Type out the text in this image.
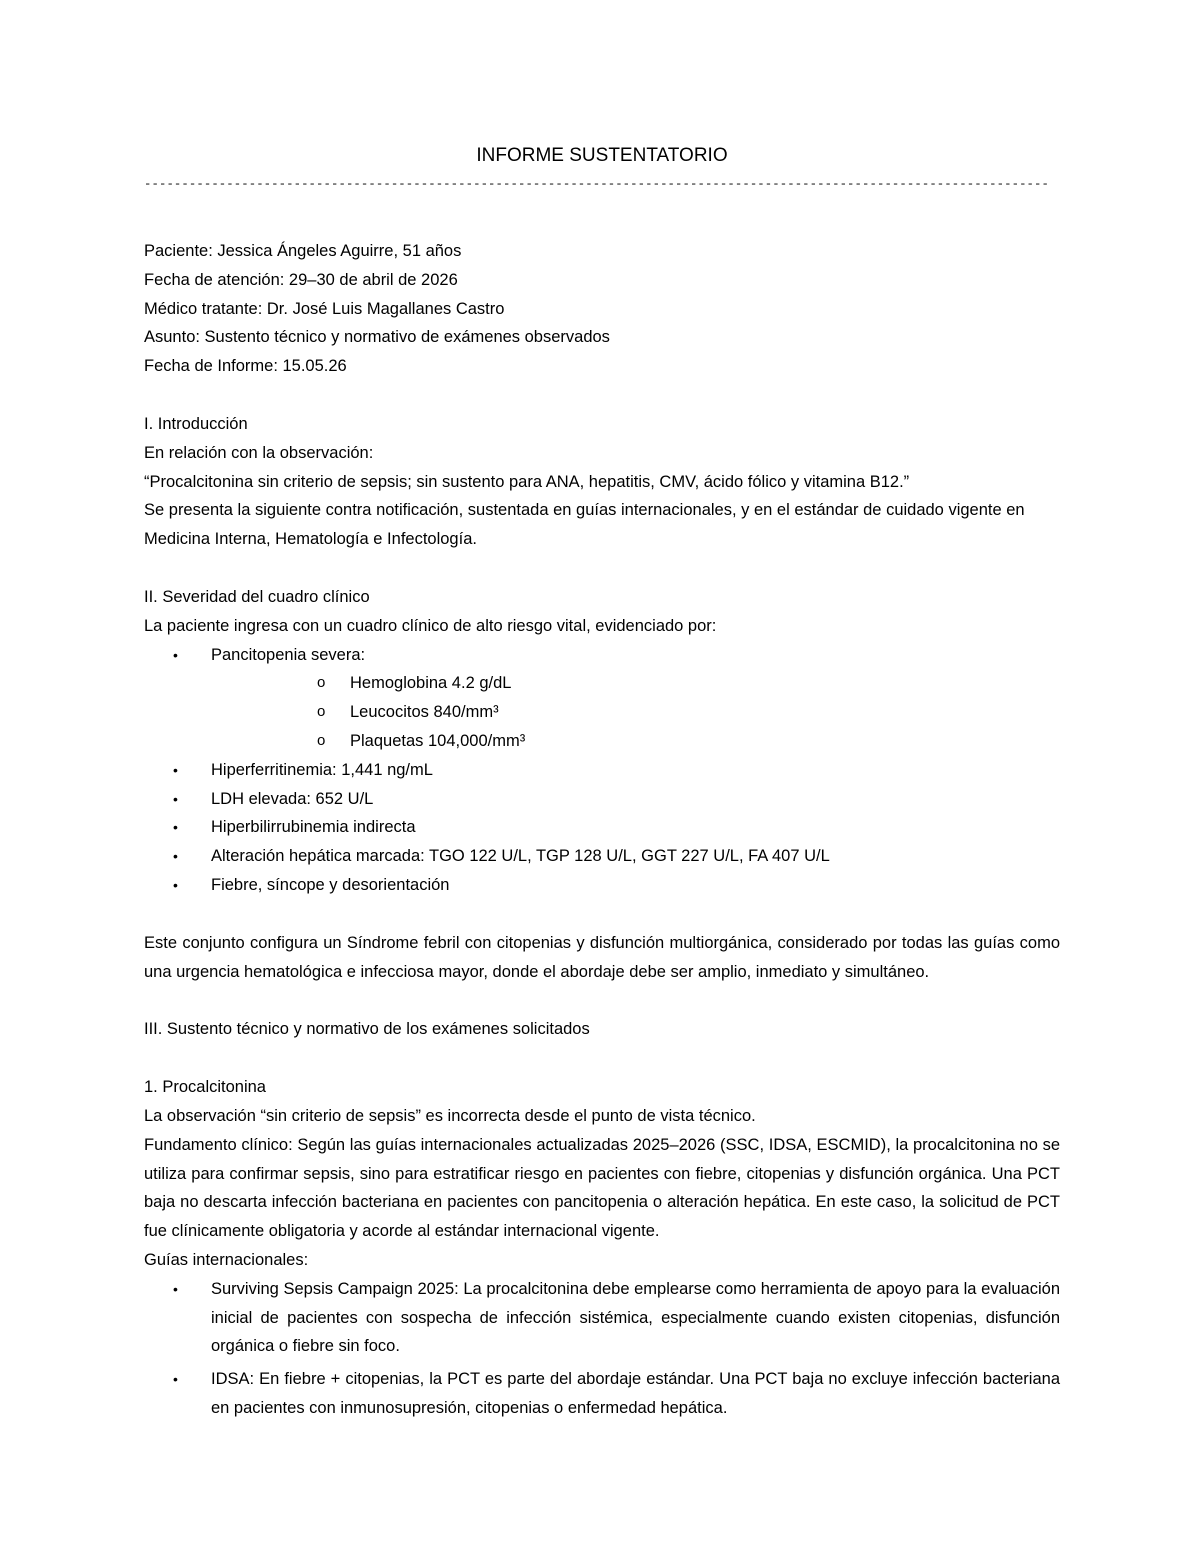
INFORME SUSTENTATORIO

-------------------------------------------------------------------------------------------------------------------------

Paciente: Jessica Ángeles Aguirre, 51 años

Fecha de atención: 29–30 de abril de 2026

Médico tratante: Dr. José Luis Magallanes Castro

Asunto: Sustento técnico y normativo de exámenes observados

Fecha de Informe: 15.05.26

I. Introducción

En relación con la observación:

“Procalcitonina sin criterio de sepsis; sin sustento para ANA, hepatitis, CMV, ácido fólico y vitamina B12.”

Se presenta la siguiente contra notificación, sustentada en guías internacionales, y en el estándar de cuidado vigente en Medicina Interna, Hematología e Infectología.

II. Severidad del cuadro clínico

La paciente ingresa con un cuadro clínico de alto riesgo vital, evidenciado por:

• Pancitopenia severa:
o Hemoglobina 4.2 g/dL
o Leucocitos 840/mm³
o Plaquetas 104,000/mm³
• Hiperferritinemia: 1,441 ng/mL
• LDH elevada: 652 U/L
• Hiperbilirrubinemia indirecta
• Alteración hepática marcada: TGO 122 U/L, TGP 128 U/L, GGT 227 U/L, FA 407 U/L
• Fiebre, síncope y desorientación

Este conjunto configura un Síndrome febril con citopenias y disfunción multiorgánica, considerado por todas las guías como una urgencia hematológica e infecciosa mayor, donde el abordaje debe ser amplio, inmediato y simultáneo.

III. Sustento técnico y normativo de los exámenes solicitados

1. Procalcitonina

La observación “sin criterio de sepsis” es incorrecta desde el punto de vista técnico.

Fundamento clínico: Según las guías internacionales actualizadas 2025–2026 (SSC, IDSA, ESCMID), la procalcitonina no se utiliza para confirmar sepsis, sino para estratificar riesgo en pacientes con fiebre, citopenias y disfunción orgánica. Una PCT baja no descarta infección bacteriana en pacientes con pancitopenia o alteración hepática. En este caso, la solicitud de PCT fue clínicamente obligatoria y acorde al estándar internacional vigente.

Guías internacionales:

• Surviving Sepsis Campaign 2025: La procalcitonina debe emplearse como herramienta de apoyo para la evaluación inicial de pacientes con sospecha de infección sistémica, especialmente cuando existen citopenias, disfunción orgánica o fiebre sin foco.
• IDSA: En fiebre + citopenias, la PCT es parte del abordaje estándar. Una PCT baja no excluye infección bacteriana en pacientes con inmunosupresión, citopenias o enfermedad hepática.
